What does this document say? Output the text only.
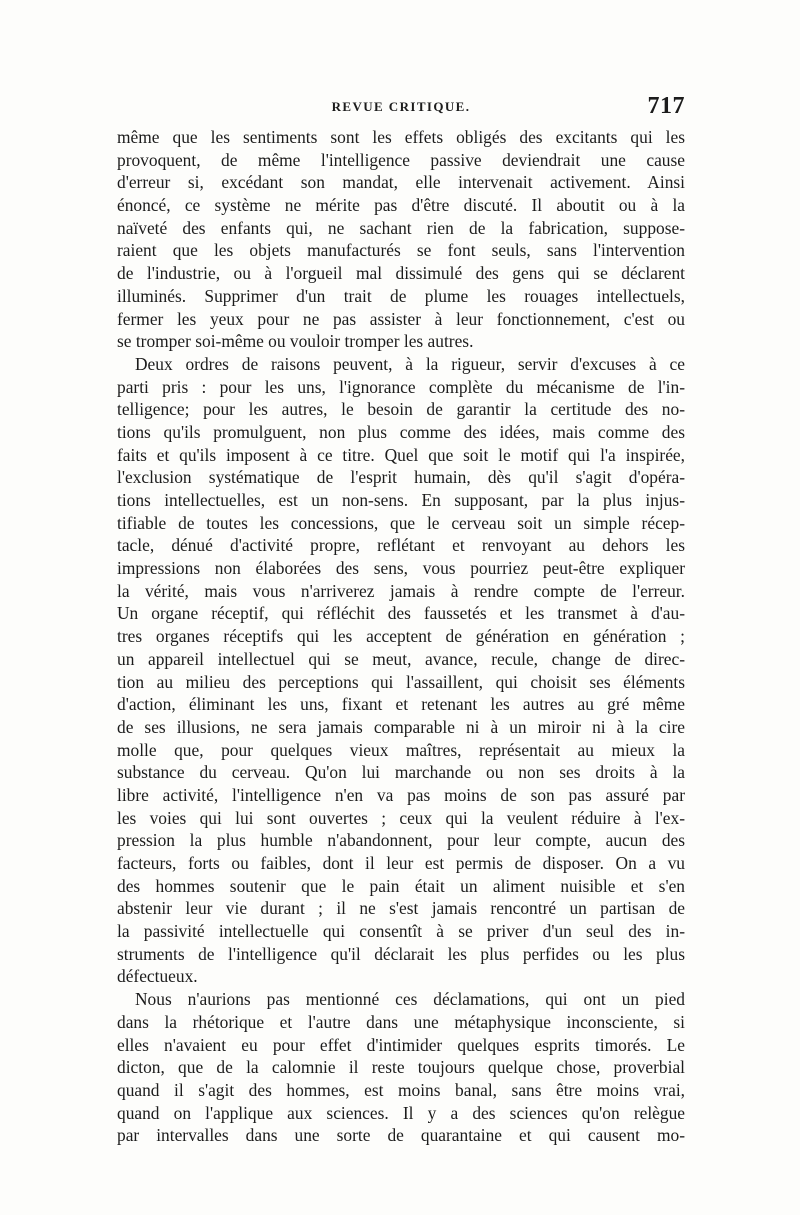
REVUE CRITIQUE.	717
même que les sentiments sont les effets obligés des excitants qui les
provoquent, de même l'intelligence passive deviendrait une cause
d'erreur si, excédant son mandat, elle intervenait activement. Ainsi
énoncé, ce système ne mérite pas d'être discuté. Il aboutit ou à la
naïveté des enfants qui, ne sachant rien de la fabrication, suppose-
raient que les objets manufacturés se font seuls, sans l'intervention
de l'industrie, ou à l'orgueil mal dissimulé des gens qui se déclarent
illuminés. Supprimer d'un trait de plume les rouages intellectuels,
fermer les yeux pour ne pas assister à leur fonctionnement, c'est ou
se tromper soi-même ou vouloir tromper les autres.
Deux ordres de raisons peuvent, à la rigueur, servir d'excuses à ce
parti pris : pour les uns, l'ignorance complète du mécanisme de l'in-
telligence; pour les autres, le besoin de garantir la certitude des no-
tions qu'ils promulguent, non plus comme des idées, mais comme des
faits et qu'ils imposent à ce titre. Quel que soit le motif qui l'a inspirée,
l'exclusion systématique de l'esprit humain, dès qu'il s'agit d'opéra-
tions intellectuelles, est un non-sens. En supposant, par la plus injus-
tifiable de toutes les concessions, que le cerveau soit un simple récep-
tacle, dénué d'activité propre, reflétant et renvoyant au dehors les
impressions non élaborées des sens, vous pourriez peut-être expliquer
la vérité, mais vous n'arriverez jamais à rendre compte de l'erreur.
Un organe réceptif, qui réfléchit des faussetés et les transmet à d'au-
tres organes réceptifs qui les acceptent de génération en génération ;
un appareil intellectuel qui se meut, avance, recule, change de direc-
tion au milieu des perceptions qui l'assaillent, qui choisit ses éléments
d'action, éliminant les uns, fixant et retenant les autres au gré même
de ses illusions, ne sera jamais comparable ni à un miroir ni à la cire
molle que, pour quelques vieux maîtres, représentait au mieux la
substance du cerveau. Qu'on lui marchande ou non ses droits à la
libre activité, l'intelligence n'en va pas moins de son pas assuré par
les voies qui lui sont ouvertes ; ceux qui la veulent réduire à l'ex-
pression la plus humble n'abandonnent, pour leur compte, aucun des
facteurs, forts ou faibles, dont il leur est permis de disposer. On a vu
des hommes soutenir que le pain était un aliment nuisible et s'en
abstenir leur vie durant ; il ne s'est jamais rencontré un partisan de
la passivité intellectuelle qui consentît à se priver d'un seul des in-
struments de l'intelligence qu'il déclarait les plus perfides ou les plus
défectueux.
Nous n'aurions pas mentionné ces déclamations, qui ont un pied
dans la rhétorique et l'autre dans une métaphysique inconsciente, si
elles n'avaient eu pour effet d'intimider quelques esprits timorés. Le
dicton, que de la calomnie il reste toujours quelque chose, proverbial
quand il s'agit des hommes, est moins banal, sans être moins vrai,
quand on l'applique aux sciences. Il y a des sciences qu'on relègue
par intervalles dans une sorte de quarantaine et qui causent mo-
